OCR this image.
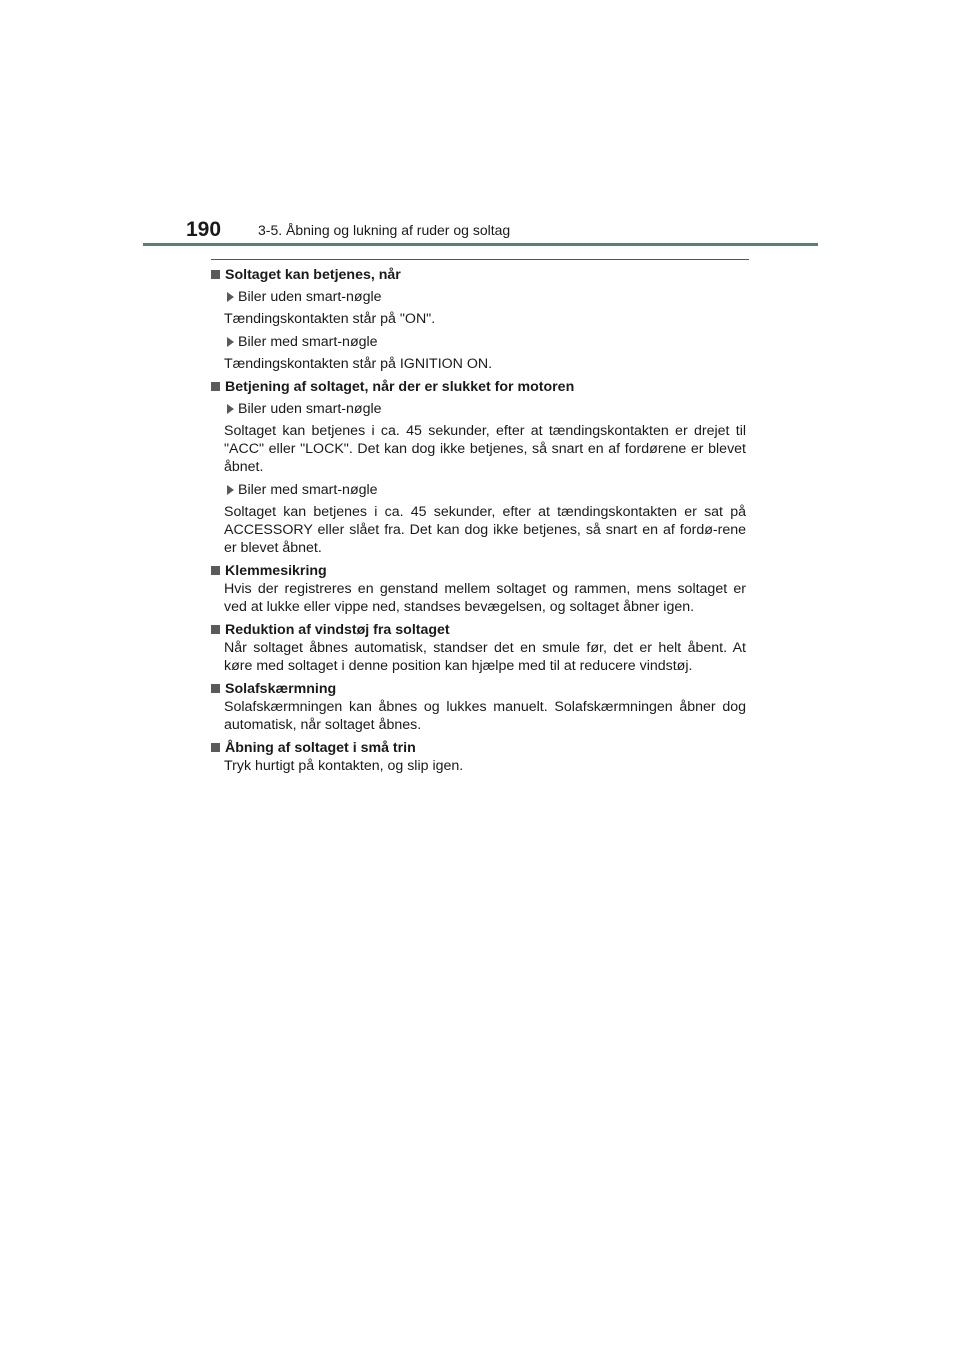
190	3-5. Åbning og lukning af ruder og soltag
Soltaget kan betjenes, når
Biler uden smart-nøgle

Tændingskontakten står på "ON".

Biler med smart-nøgle

Tændingskontakten står på IGNITION ON.

Betjening af soltaget, når der er slukket for motoren
Biler uden smart-nøgle

Soltaget kan betjenes i ca. 45 sekunder, efter at tændingskontakten er drejet til "ACC" eller "LOCK". Det kan dog ikke betjenes, så snart en af fordørene er blevet åbnet.

Biler med smart-nøgle

Soltaget kan betjenes i ca. 45 sekunder, efter at tændingskontakten er sat på ACCESSORY eller slået fra. Det kan dog ikke betjenes, så snart en af fordø-rene er blevet åbnet.

Klemmesikring

Hvis der registreres en genstand mellem soltaget og rammen, mens soltaget er ved at lukke eller vippe ned, standses bevægelsen, og soltaget åbner igen.

Reduktion af vindstøj fra soltaget

Når soltaget åbnes automatisk, standser det en smule før, det er helt åbent. At køre med soltaget i denne position kan hjælpe med til at reducere vindstøj.

Solafskærmning

Solafskærmningen kan åbnes og lukkes manuelt. Solafskærmningen åbner dog automatisk, når soltaget åbnes.

Åbning af soltaget i små trin

Tryk hurtigt på kontakten, og slip igen.
